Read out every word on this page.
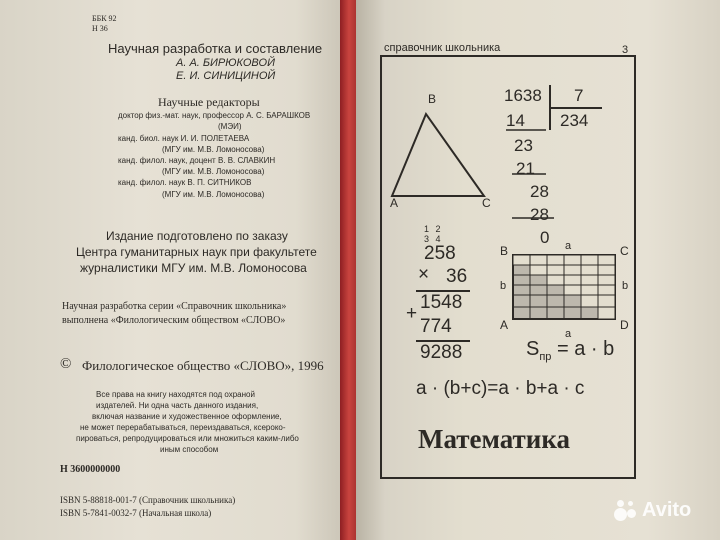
ББК 92
Н 36
Научная разработка и составление
А. А. БИРЮКОВОЙ
Е. И. СИНИЦИНОЙ
Научные редакторы
доктор физ.-мат. наук, профессор А. С. БАРАШКОВ
(МЭИ)
канд. биол. наук И. И. ПОЛЕТАЕВА
(МГУ им. М.В. Ломоносова)
канд. филол. наук, доцент В. В. СЛАВКИН
(МГУ им. М.В. Ломоносова)
канд. филол. наук В. П. СИТНИКОВ
(МГУ им. М.В. Ломоносова)
Издание подготовлено по заказу
Центра гуманитарных наук при факультете
журналистики МГУ им. М.В. Ломоносова
Научная разработка серии «Справочник школьника»
выполнена «Филологическим обществом «СЛОВО»
© Филологическое общество «СЛОВО», 1996
Все права на книгу находятся под охраной
издателей. Ни одна часть данного издания,
включая название и художественное оформление,
не может перерабатываться, переиздаваться, ксероко-
пироваться, репродуцироваться или множиться каким-либо
иным способом
Н 3600000000
ISBN 5-88818-001-7 (Справочник школьника)
ISBN 5-7841-0032-7 (Начальная школа)
справочник школьника	3
B
A	C
1638 7
234
14
23
21
28
28
0
1 2
3 4
258
× 36
1548
+
774
9288
B	C
A	D
a
a
b	b
$S_{пр} = a \cdot b$
a · (b+c)=a · b+a · c
Математика
Avito
